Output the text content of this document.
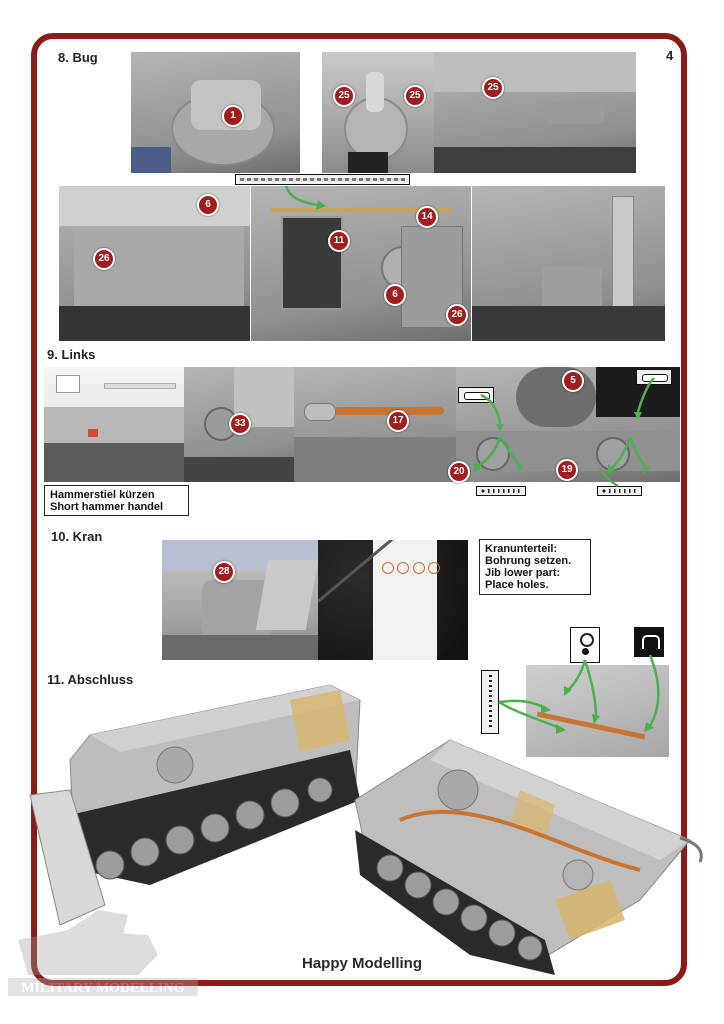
4
8. Bug
1
25	25
25
6
26
14
11
6
26
9. Links
33	17
5
20	19
Hammerstiel kürzen
Short hammer handel
10. Kran
28
Kranunterteil:
Bohrung setzen.
Jib lower part:
Place holes.
11. Abschluss
MILITARY MODELLING
Happy Modelling
